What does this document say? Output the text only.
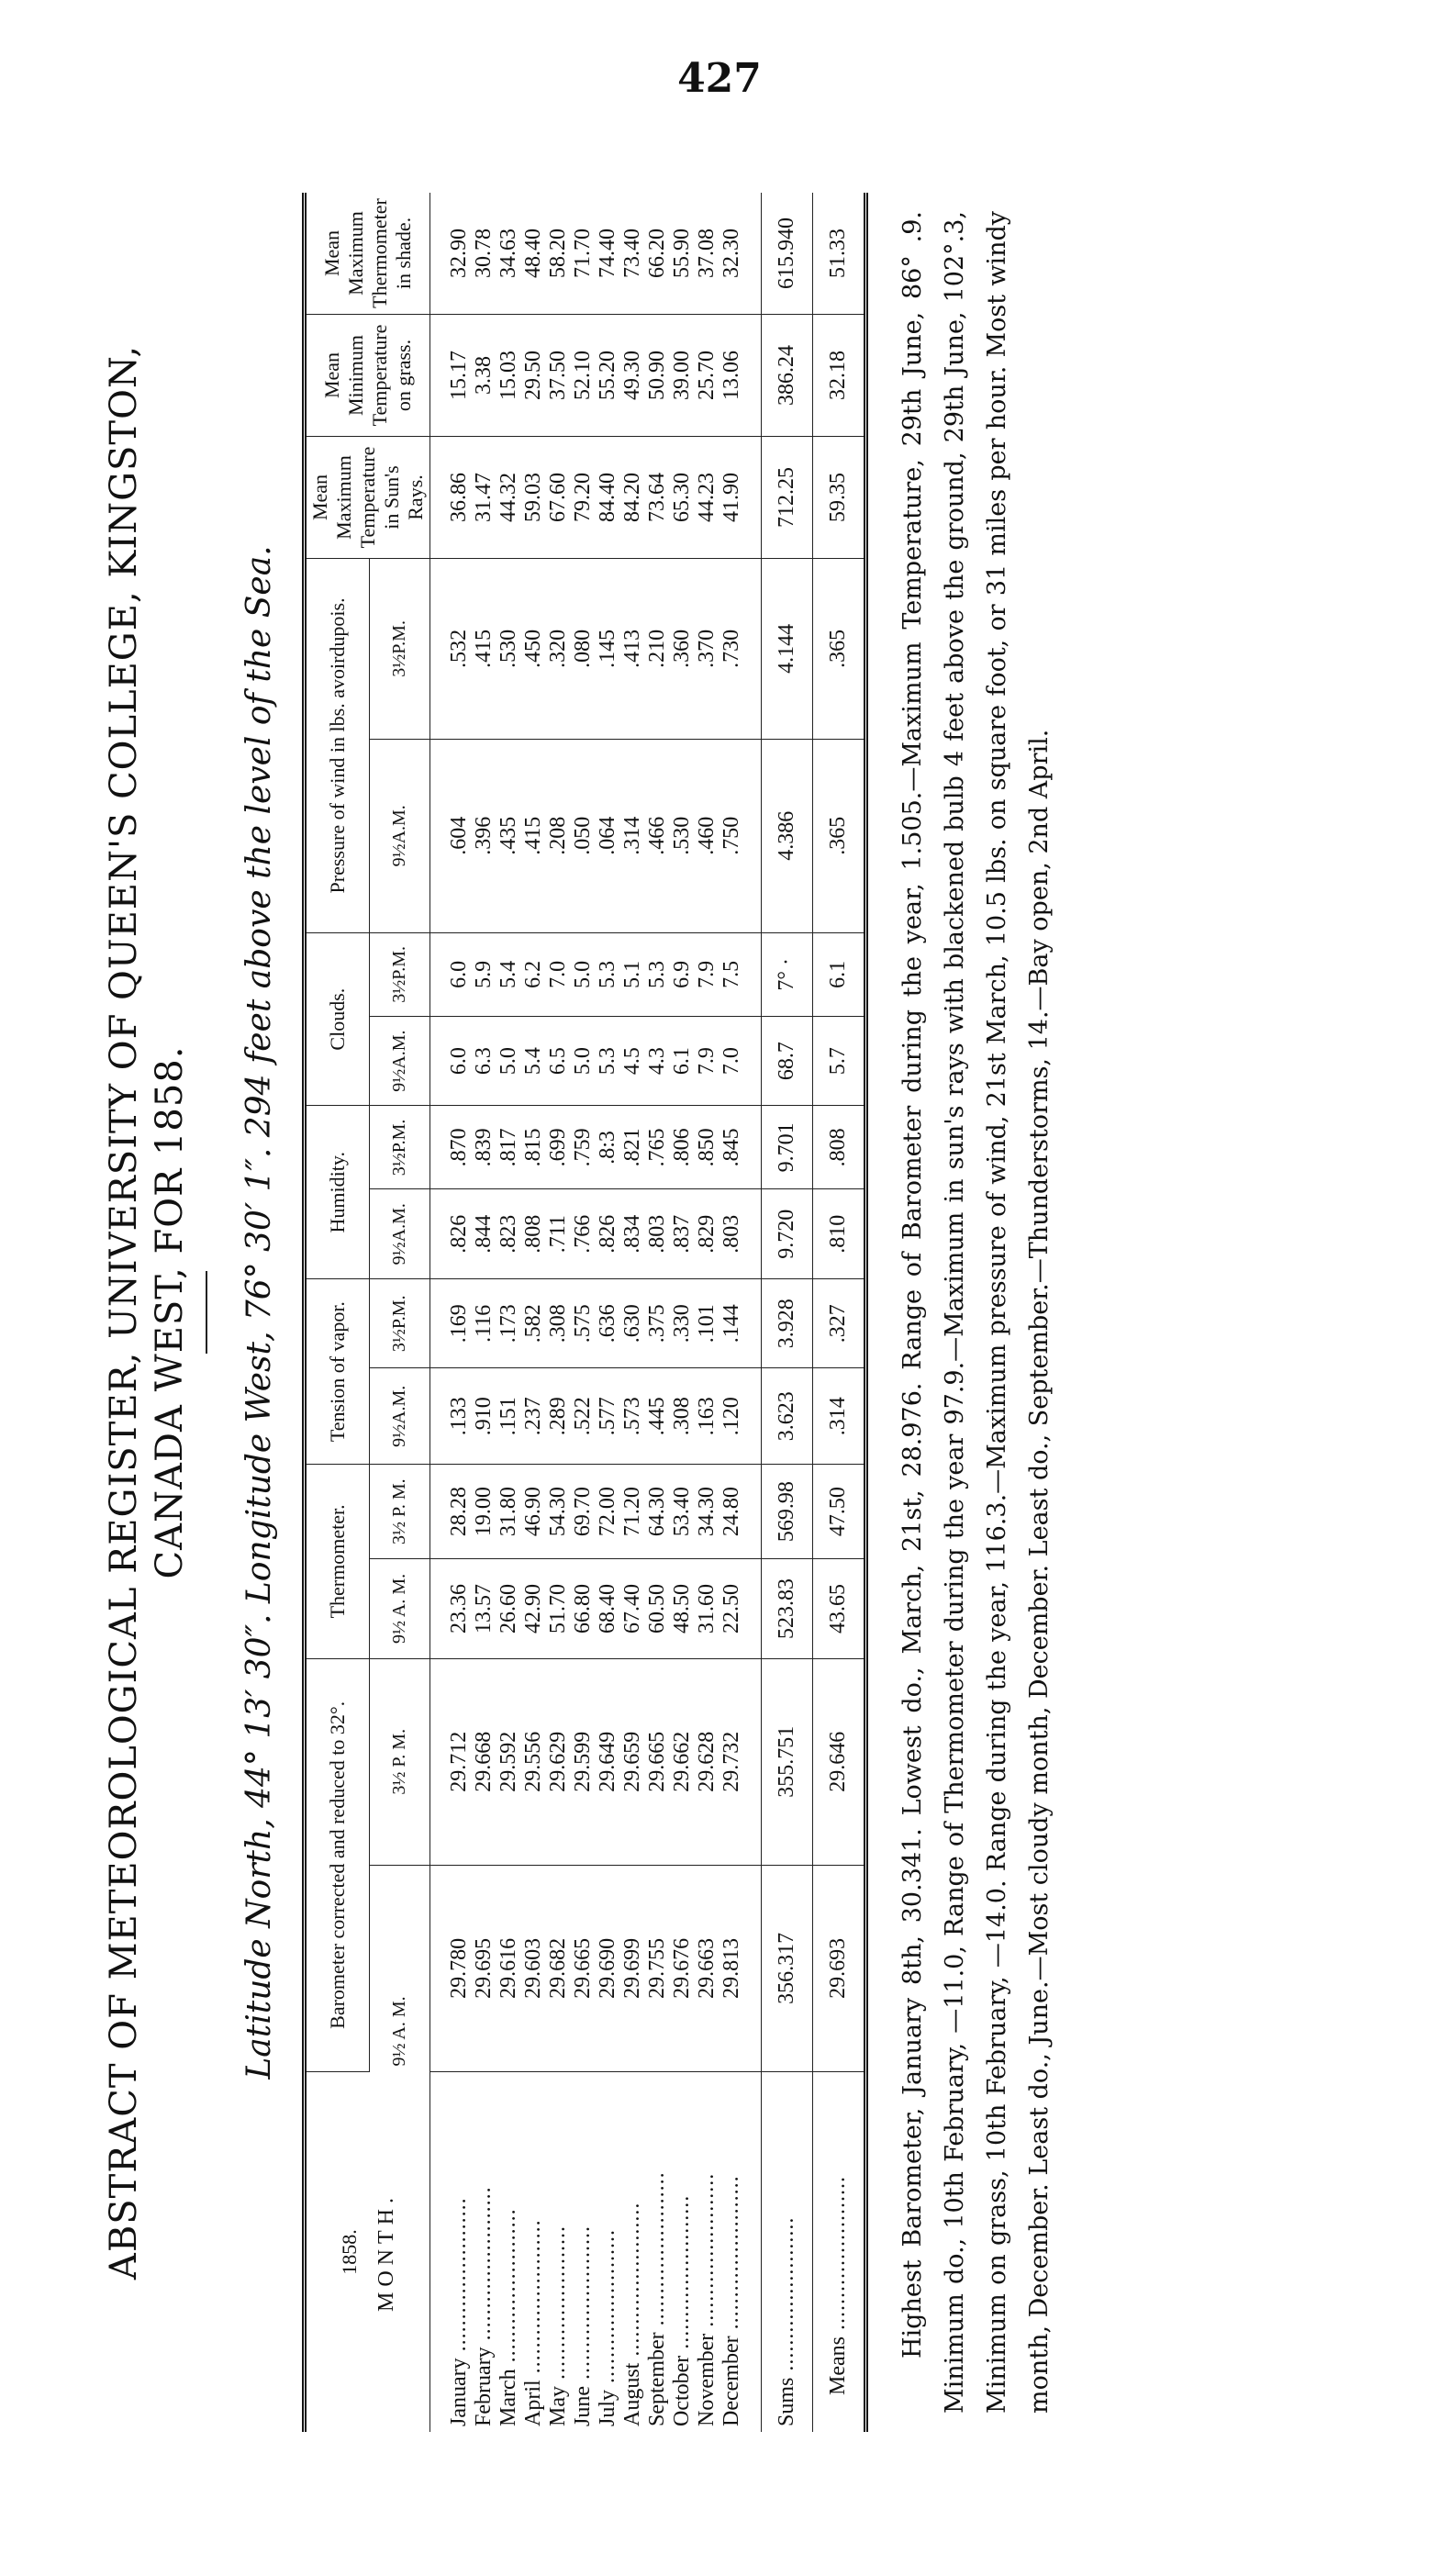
427
ABSTRACT OF METEOROLOGICAL REGISTER, UNIVERSITY OF QUEEN'S COLLEGE, KINGSTON, CANADA WEST, FOR 1858. Latitude North, 44° 13′ 30″. Longitude West, 76° 30′ 1″. 294 feet above the level of the Sea.
1858. MONTH.	Barometer corrected and reduced to 32°.		Thermometer.		Tension of vapor.		Humidity.		Clouds.		Pressure of wind in lbs. avoirdupois.		Mean Maximum Temperature in Sun's Rays.	Mean Minimum Temperature on grass.	Mean Maximum Thermometer in shade.
	9½ A. M.	3½ P. M.	9½ A. M.	3½ P. M.	9½A.M.	3½P.M.	9½A.M.	3½P.M.	9½A.M.	3½P.M.	9½A.M.	3½P.M.			
January .....	29.780	29.712	23.36	28.28	.133	.169	.826	.870	6.0	6.0	.604	.532	36.86	15.17	32.90
February .....	29.695	29.668	13.57	19.00	.910	.116	.844	.839	6.3	5.9	.396	.415	31.47	3.38	30.78
March .....	29.616	29.592	26.60	31.80	.151	.173	.823	.817	5.0	5.4	.435	.530	44.32	15.03	34.63
April .....	29.603	29.556	42.90	46.90	.237	.582	.808	.815	5.4	6.2	.415	.450	59.03	29.50	48.40
May .....	29.682	29.629	51.70	54.30	.289	.308	.711	.699	6.5	7.0	.208	.320	67.60	37.50	58.20
June .....	29.665	29.599	66.80	69.70	.522	.575	.766	.759	5.0	5.0	.050	.080	79.20	52.10	71.70
July .....	29.690	29.649	68.40	72.00	.577	.636	.826	.8:3	5.3	5.3	.064	.145	84.40	55.20	74.40
August .....	29.699	29.659	67.40	71.20	.573	.630	.834	.821	4.5	5.1	.314	.413	84.20	49.30	73.40
September .....	29.755	29.665	60.50	64.30	.445	.375	.803	.765	4.3	5.3	.466	.210	73.64	50.90	66.20
October .....	29.676	29.662	48.50	53.40	.308	.330	.837	.806	6.1	6.9	.530	.360	65.30	39.00	55.90
November .....	29.663	29.628	31.60	34.30	.163	.101	.829	.850	7.9	7.9	.460	.370	44.23	25.70	37.08
December .....	29.813	29.732	22.50	24.80	.120	.144	.803	.845	7.0	7.5	.750	.730	41.90	13.06	32.30
Sums .....	356.317	355.751	523.83	569.98	3.623	3.928	9.720	9.701	68.7	7° ·	4.386	4.144	712.25	386.24	615.940
Means .....	29.693	29.646	43.65	47.50	.314	.327	.810	.808	5.7	6.1	.365	.365	59.35	32.18	51.33 Highest Barometer, January 8th, 30.341. Lowest do., March, 21st, 28.976. Range of Barometer during the year, 1.505.—Maximum Temperature, 29th June, 86° .9. Minimum do., 10th February, —11.0, Range of Thermometer during the year 97.9.—Maximum in sun's rays with blackened bulb 4 feet above the ground, 29th June, 102°.3, Minimum on grass, 10th February, —14.0. Range during the year, 116.3.—Maximum pressure of wind, 21st March, 10.5 lbs. on square foot, or 31 miles per hour. Most windy month, December. Least do., June.—Most cloudy month, December. Least do., September.—Thunderstorms, 14.—Bay open, 2nd April.
